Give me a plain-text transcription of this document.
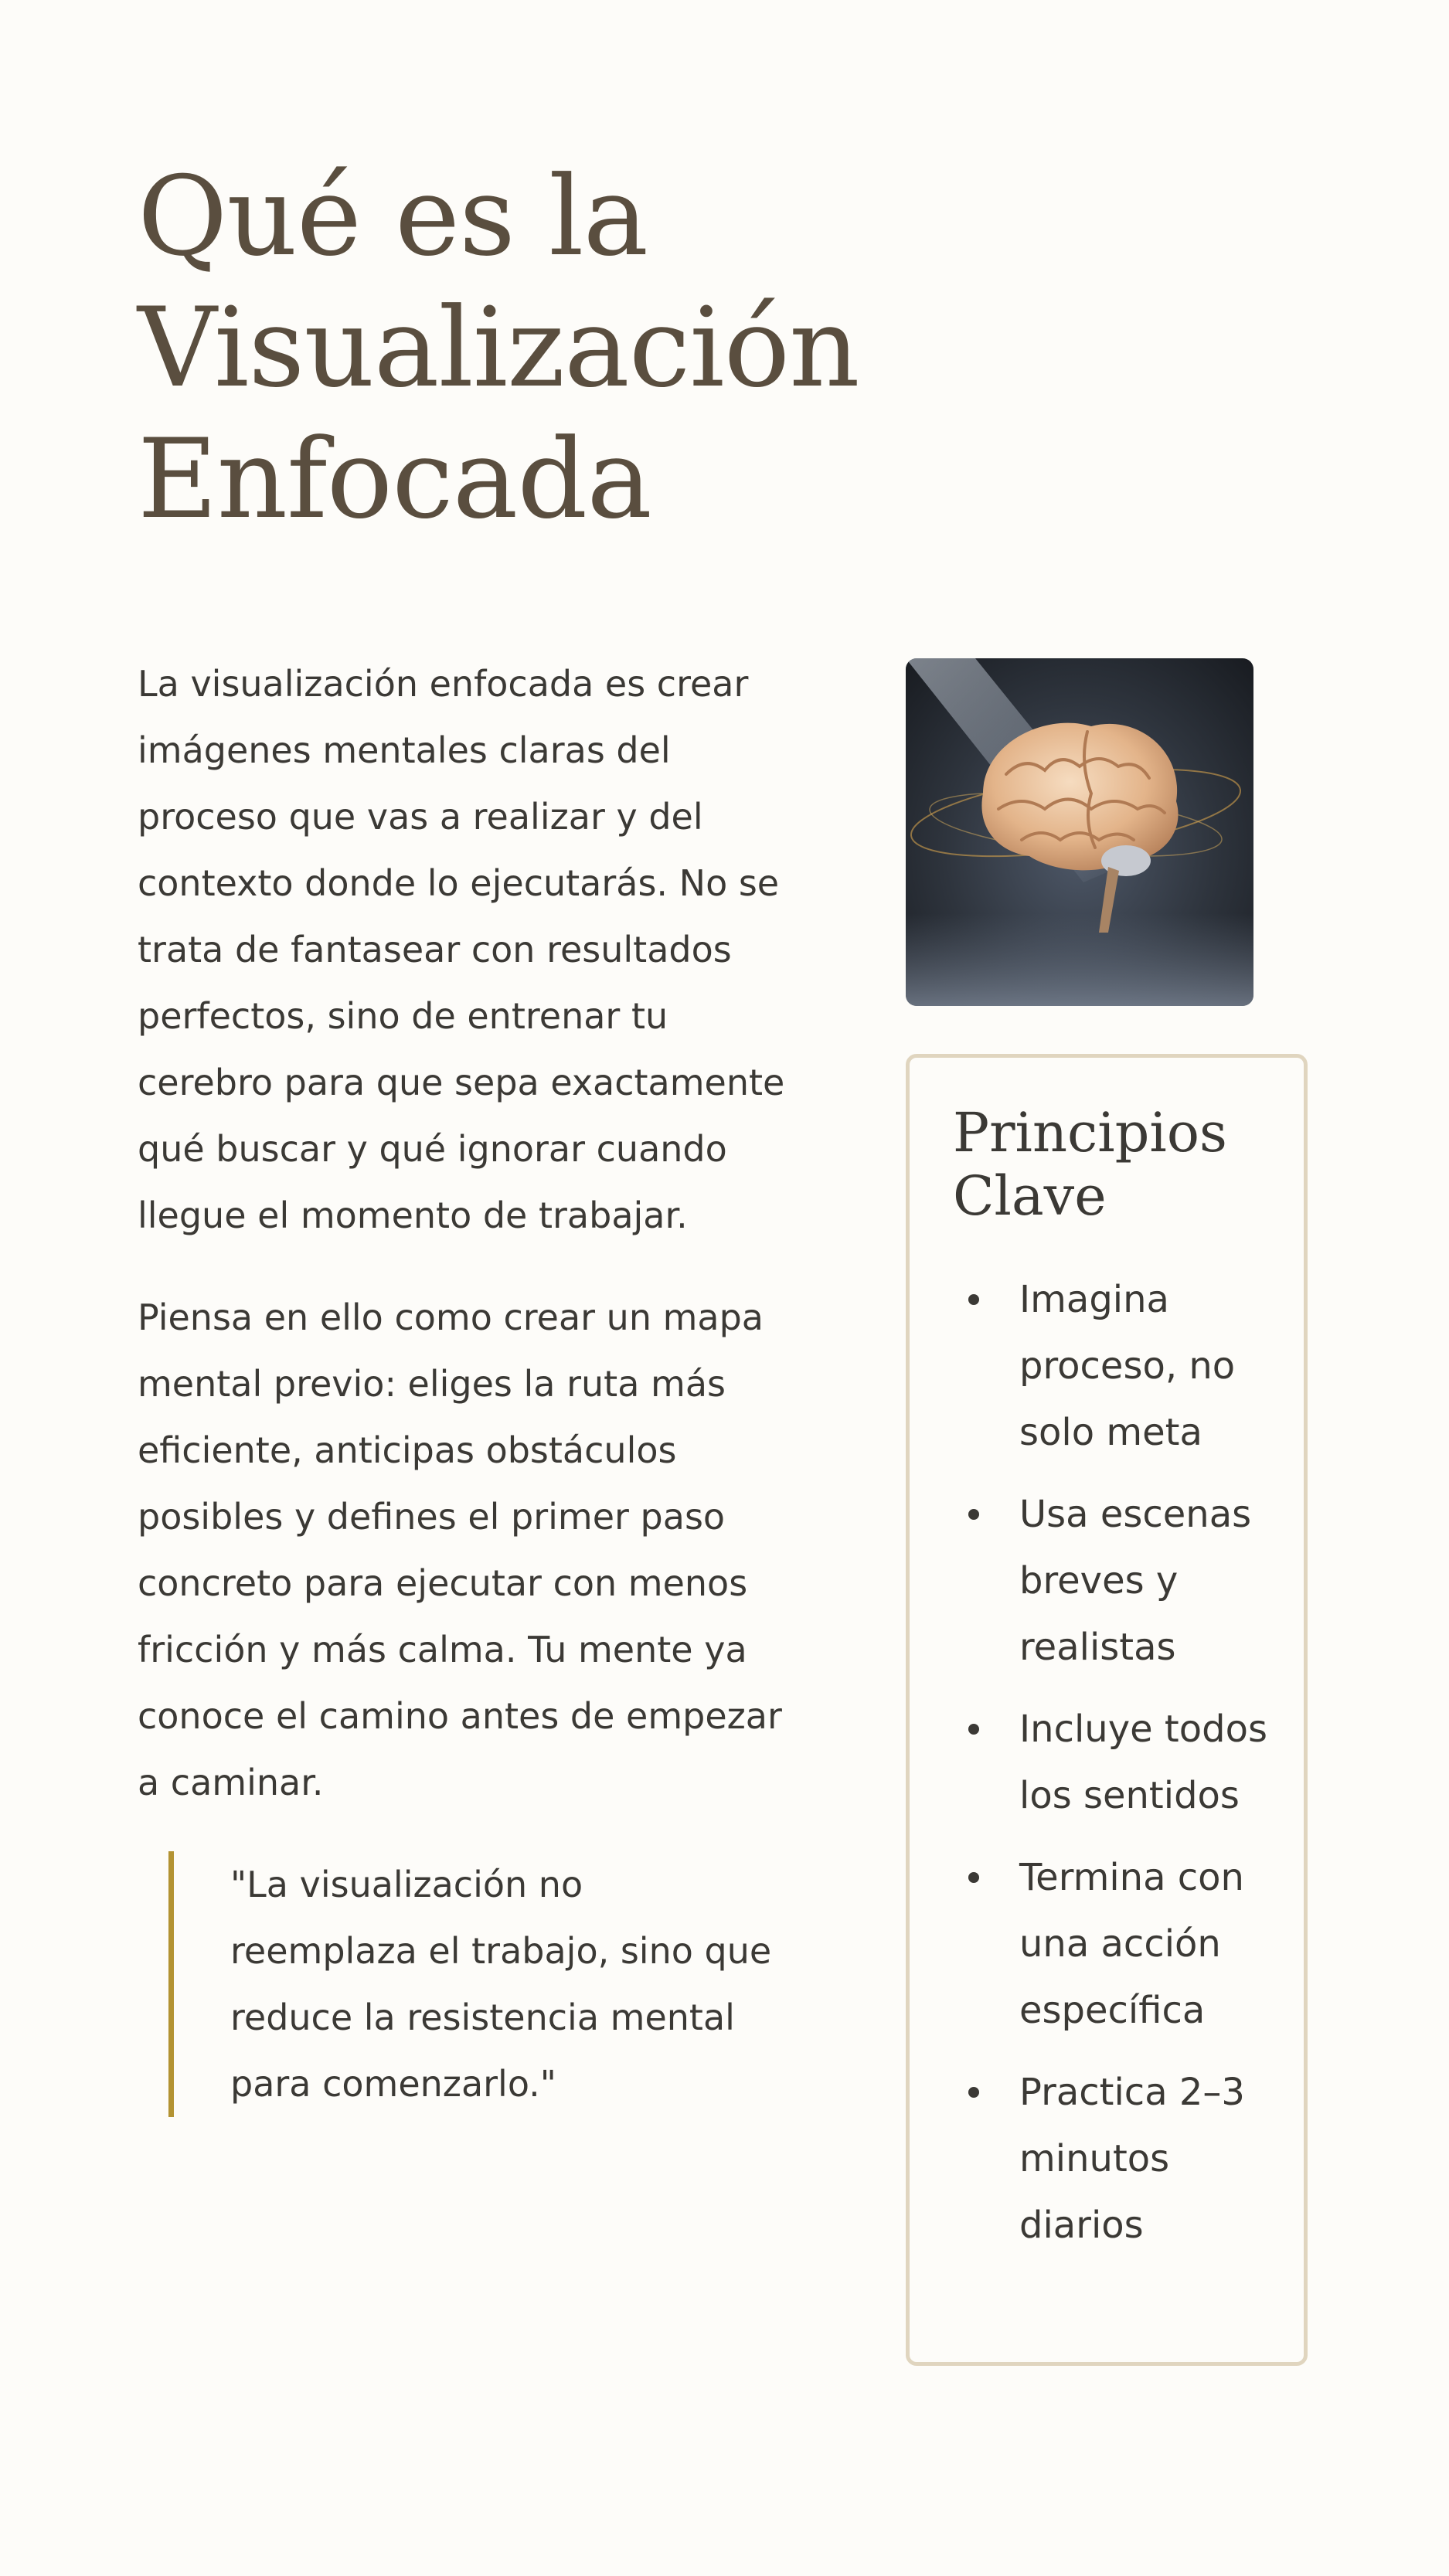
Qué es la Visualización Enfocada

La visualización enfocada es crear imágenes mentales claras del proceso que vas a realizar y del contexto donde lo ejecutarás. No se trata de fantasear con resultados perfectos, sino de entrenar tu cerebro para que sepa exactamente qué buscar y qué ignorar cuando llegue el momento de trabajar.

Piensa en ello como crear un mapa mental previo: eliges la ruta más eficiente, anticipas obstáculos posibles y defines el primer paso concreto para ejecutar con menos fricción y más calma. Tu mente ya conoce el camino antes de empezar a caminar.

"La visualización no reemplaza el trabajo, sino que reduce la resistencia mental para comenzarlo."
Principios Clave
Imagina proceso, no solo meta
Usa escenas breves y realistas
Incluye todos los sentidos
Termina con una acción específica
Practica 2–3 minutos diarios
